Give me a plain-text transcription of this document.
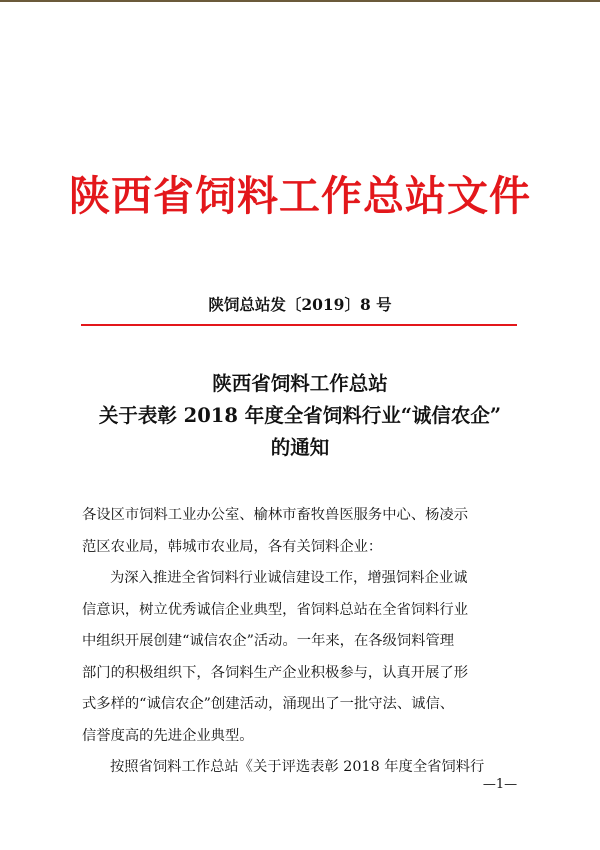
陕西省饲料工作总站文件
陕饲总站发〔2019〕8 号
陕西省饲料工作总站
关于表彰 2018 年度全省饲料行业“诚信农企”
的通知
各设区市饲料工业办公室、榆林市畜牧兽医服务中心、杨凌示
范区农业局，韩城市农业局，各有关饲料企业：
为深入推进全省饲料行业诚信建设工作，增强饲料企业诚
信意识，树立优秀诚信企业典型，省饲料总站在全省饲料行业
中组织开展创建“诚信农企”活动。一年来，在各级饲料管理
部门的积极组织下，各饲料生产企业积极参与，认真开展了形
式多样的“诚信农企”创建活动，涌现出了一批守法、诚信、
信誉度高的先进企业典型。
按照省饲料工作总站《关于评选表彰 2018 年度全省饲料行
—1—
